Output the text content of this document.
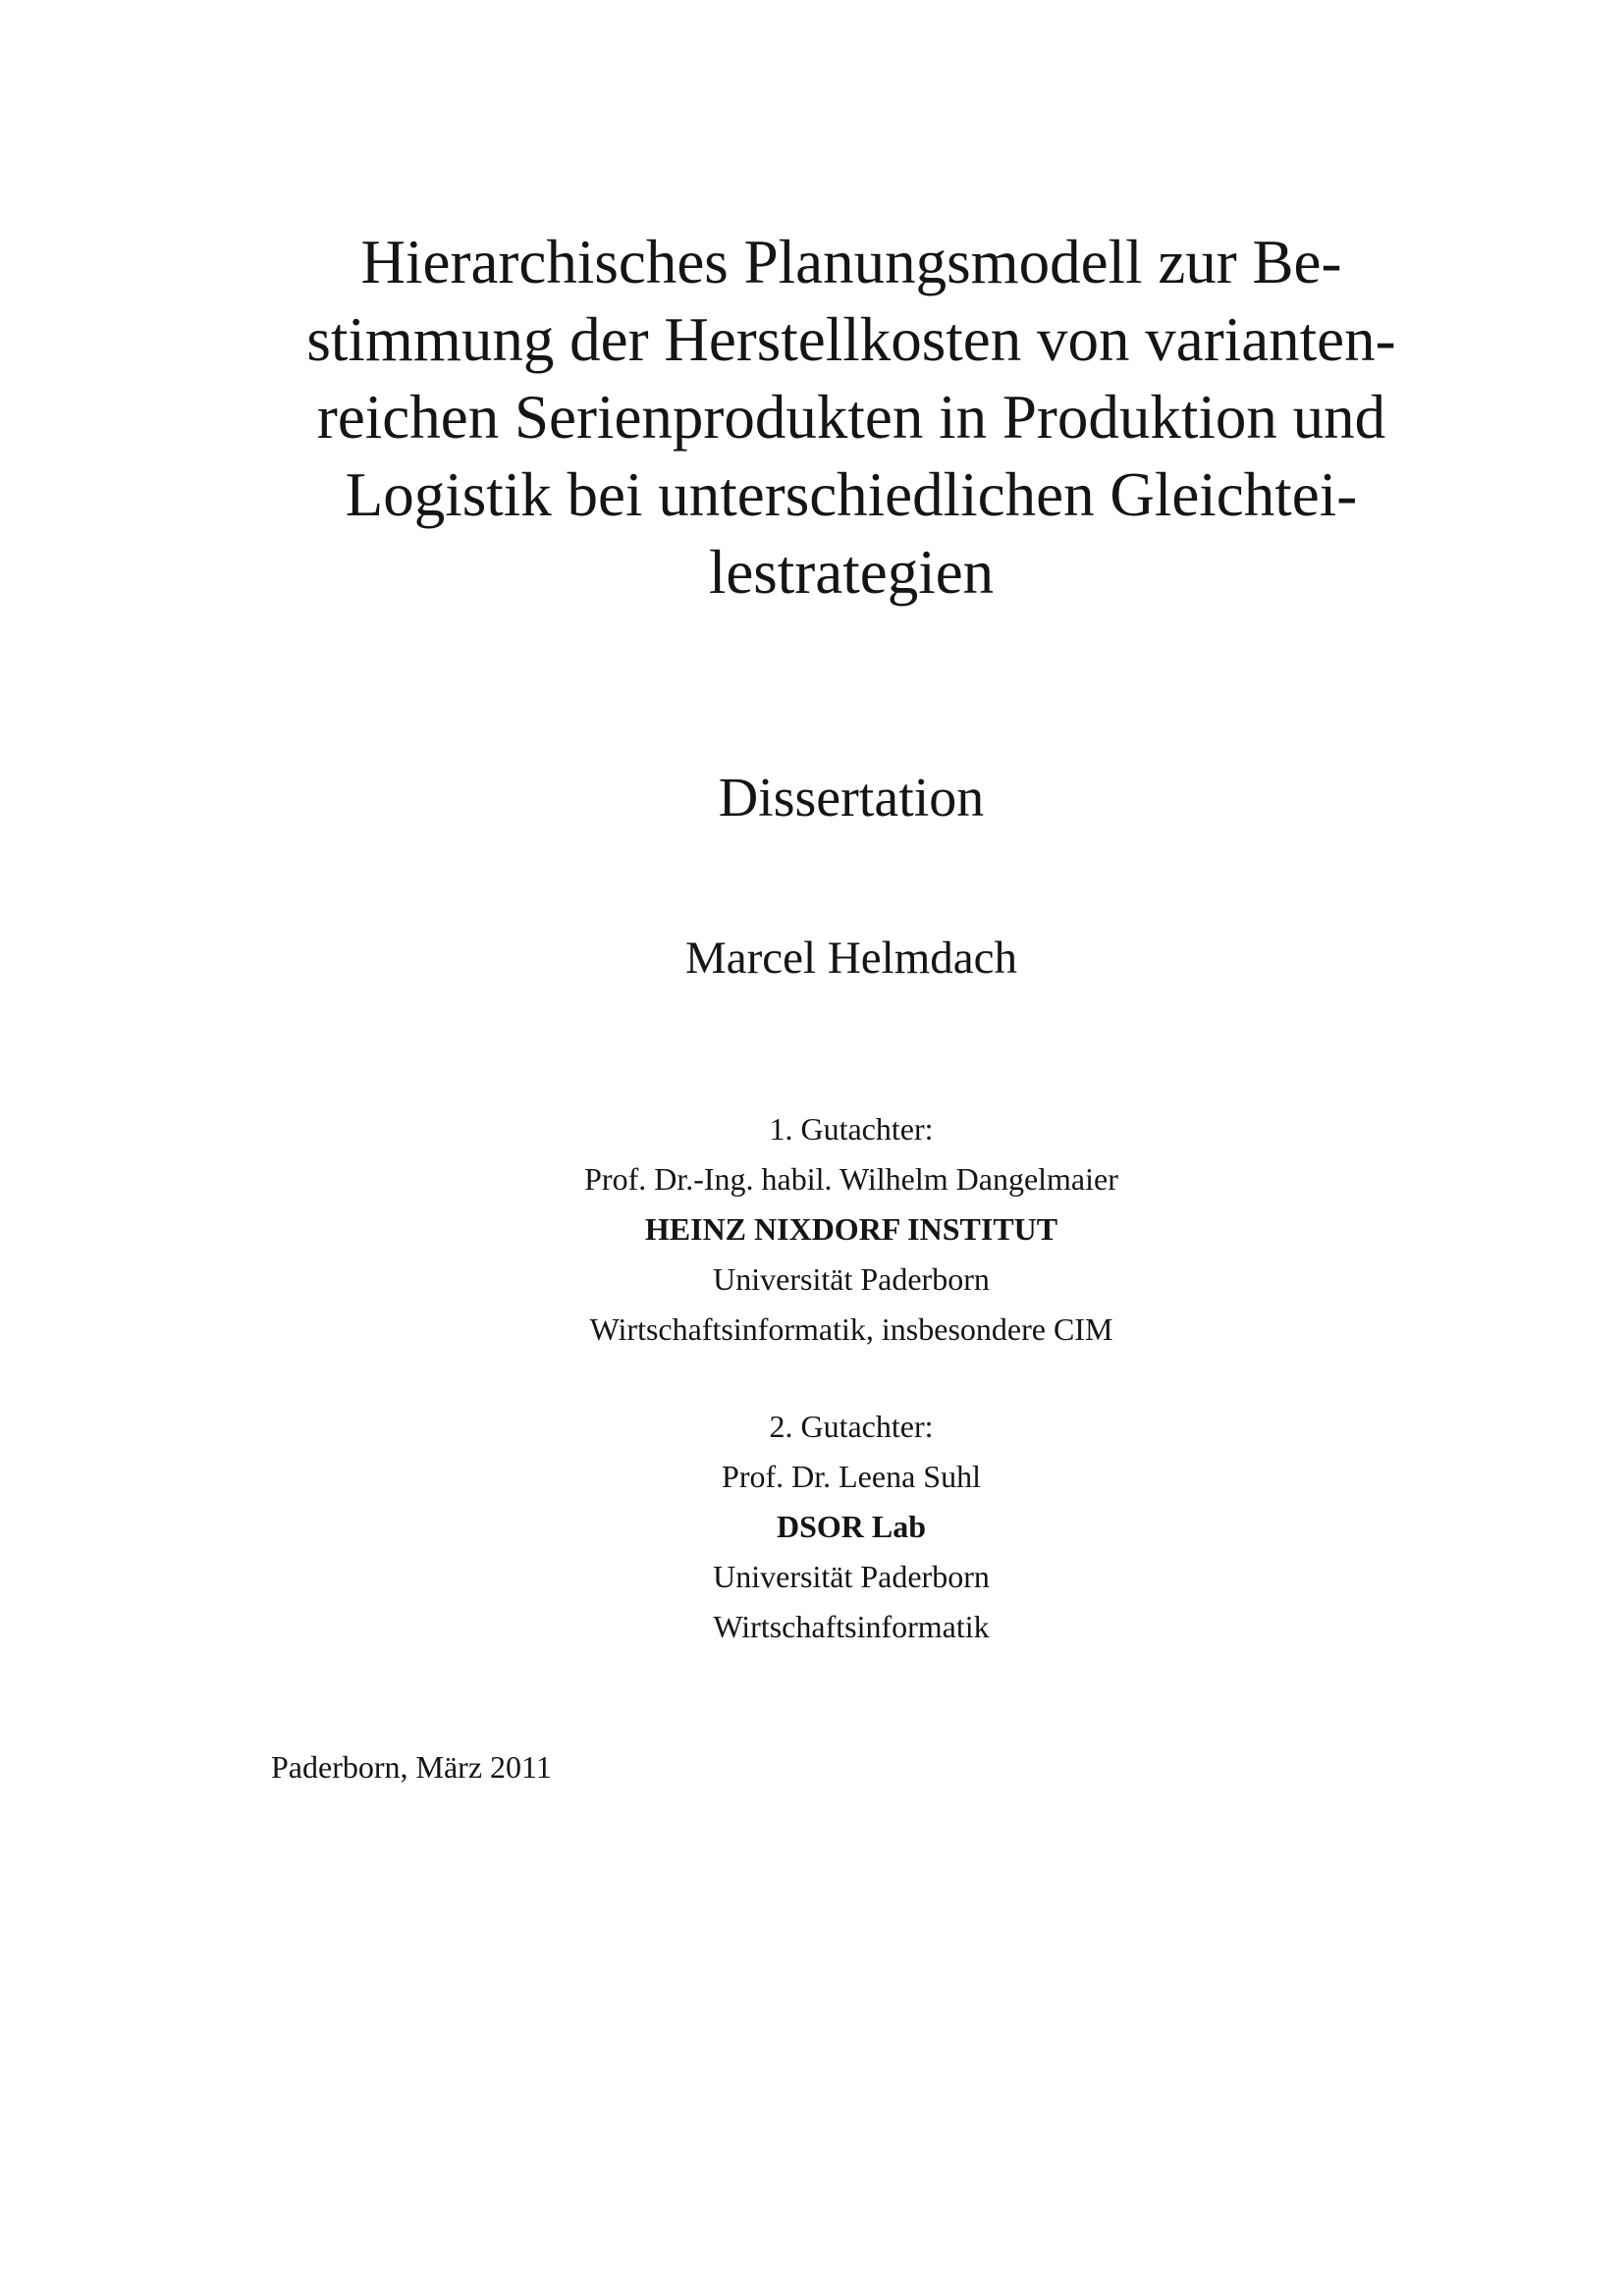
Hierarchisches Planungsmodell zur Be-
stimmung der Herstellkosten von varianten-
reichen Serienprodukten in Produktion und
Logistik bei unterschiedlichen Gleichtei-
lestrategien
Dissertation
Marcel Helmdach
1. Gutachter:
Prof. Dr.-Ing. habil. Wilhelm Dangelmaier
HEINZ NIXDORF INSTITUT
Universität Paderborn
Wirtschaftsinformatik, insbesondere CIM
2. Gutachter:
Prof. Dr. Leena Suhl
DSOR Lab
Universität Paderborn
Wirtschaftsinformatik
Paderborn, März 2011
